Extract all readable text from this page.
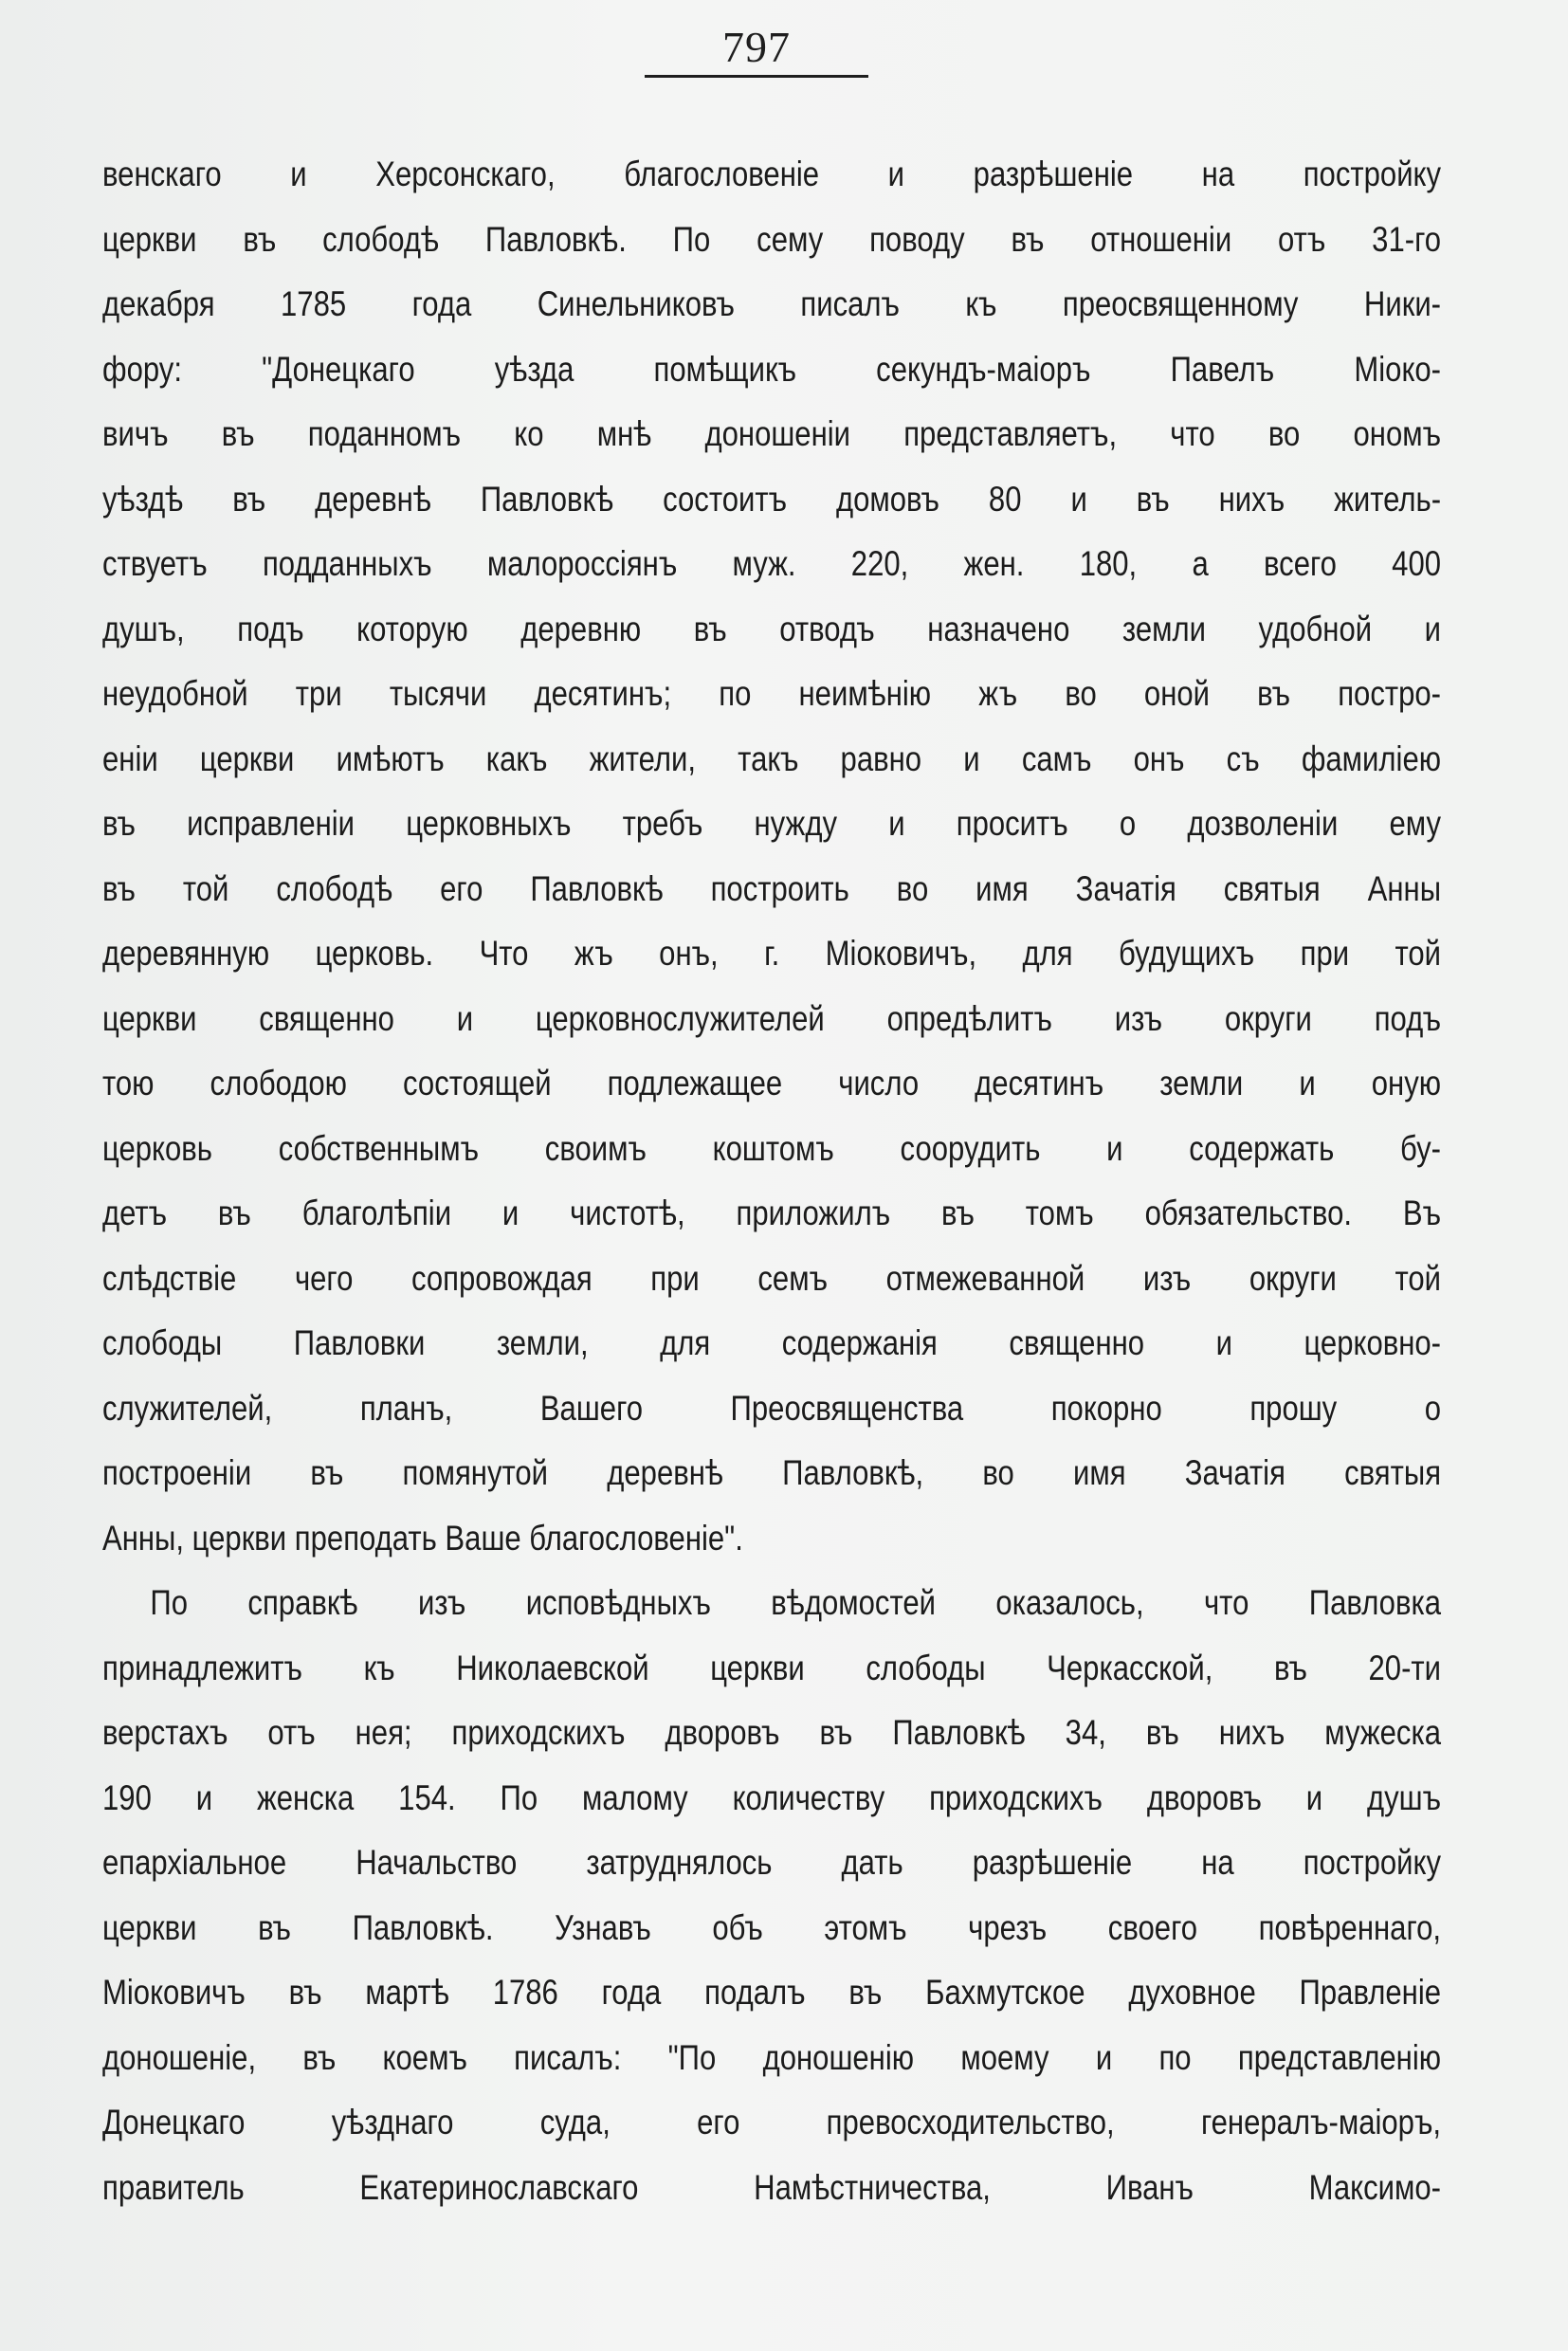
797
венскаго и Херсонскаго, благословеніе и разрѣшеніе на постройку
церкви въ слободѣ Павловкѣ. По сему поводу въ отношеніи отъ 31-го
декабря 1785 года Синельниковъ писалъ къ преосвященному Ники-
фору: "Донецкаго уѣзда помѣщикъ секундъ-маіоръ Павелъ Міоко-
вичъ въ поданномъ ко мнѣ доношеніи представляетъ, что во ономъ
уѣздѣ въ деревнѣ Павловкѣ состоитъ домовъ 80 и въ нихъ житель-
ствуетъ подданныхъ малороссіянъ муж. 220, жен. 180, а всего 400
душъ, подъ которую деревню въ отводъ назначено земли удобной и
неудобной три тысячи десятинъ; по неимѣнію жъ во оной въ постро-
еніи церкви имѣютъ какъ жители, такъ равно и самъ онъ съ фамиліею
въ исправленіи церковныхъ требъ нужду и проситъ о дозволеніи ему
въ той слободѣ его Павловкѣ построить во имя Зачатія святыя Анны
деревянную церковь. Что жъ онъ, г. Міоковичъ, для будущихъ при той
церкви священно и церковнослужителей опредѣлитъ изъ округи подъ
тою слободою состоящей подлежащее число десятинъ земли и оную
церковь собственнымъ своимъ коштомъ соорудить и содержать бу-
детъ въ благолѣпіи и чистотѣ, приложилъ въ томъ обязательство. Въ
слѣдствіе чего сопровождая при семъ отмежеванной изъ округи той
слободы Павловки земли, для содержанія священно и церковно-
служителей, планъ, Вашего Преосвященства покорно прошу о
построеніи въ помянутой деревнѣ Павловкѣ, во имя Зачатія святыя
Анны, церкви преподать Ваше благословеніе".
По справкѣ изъ исповѣдныхъ вѣдомостей оказалось, что Павловка
принадлежитъ къ Николаевской церкви слободы Черкасской, въ 20-ти
верстахъ отъ нея; приходскихъ дворовъ въ Павловкѣ 34, въ нихъ мужеска
190 и женска 154. По малому количеству приходскихъ дворовъ и душъ
епархіальное Начальство затруднялось дать разрѣшеніе на постройку
церкви въ Павловкѣ. Узнавъ объ этомъ чрезъ своего повѣреннаго,
Міоковичъ въ мартѣ 1786 года подалъ въ Бахмутское духовное Правленіе
доношеніе, въ коемъ писалъ: "По доношенію моему и по представленію
Донецкаго уѣзднаго суда, его превосходительство, генералъ-маіоръ,
правитель Екатеринославскаго Намѣстничества, Иванъ Максимо-
